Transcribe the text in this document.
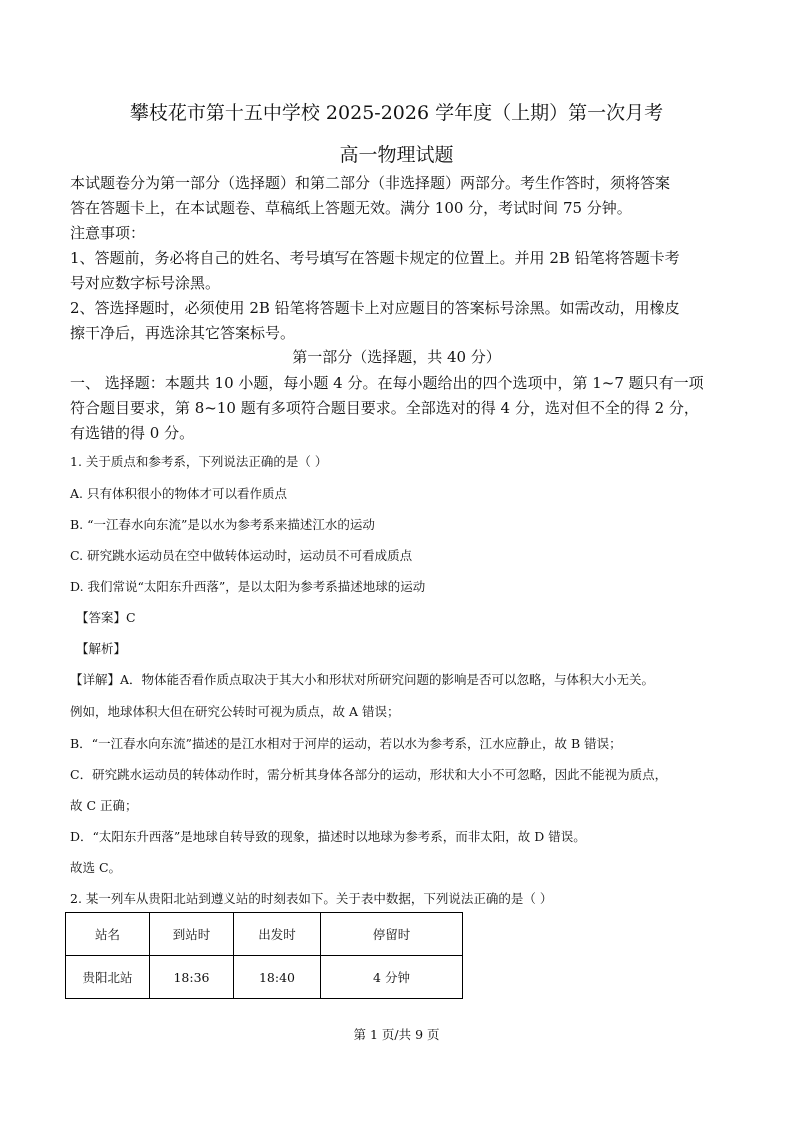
攀枝花市第十五中学校 2025-2026 学年度（上期）第一次月考
高一物理试题
本试题卷分为第一部分（选择题）和第二部分（非选择题）两部分。考生作答时，须将答案
答在答题卡上，在本试题卷、草稿纸上答题无效。满分 100 分，考试时间 75 分钟。
注意事项：
1、答题前，务必将自己的姓名、考号填写在答题卡规定的位置上。并用 2B 铅笔将答题卡考
号对应数字标号涂黑。
2、答选择题时，必须使用 2B 铅笔将答题卡上对应题目的答案标号涂黑。如需改动，用橡皮
擦干净后，再选涂其它答案标号。
第一部分（选择题，共 40 分）
一、 选择题：本题共 10 小题，每小题 4 分。在每小题给出的四个选项中，第 1~7 题只有一项
符合题目要求，第 8~10 题有多项符合题目要求。全部选对的得 4 分，选对但不全的得 2 分，
有选错的得 0 分。
1. 关于质点和参考系，下列说法正确的是（ ）
A. 只有体积很小的物体才可以看作质点
B. “一江春水向东流”是以水为参考系来描述江水的运动
C. 研究跳水运动员在空中做转体运动时，运动员不可看成质点
D. 我们常说“太阳东升西落”，是以太阳为参考系描述地球的运动
【答案】C
【解析】
【详解】A．物体能否看作质点取决于其大小和形状对所研究问题的影响是否可以忽略，与体积大小无关。
例如，地球体积大但在研究公转时可视为质点，故 A 错误；
B．“一江春水向东流”描述的是江水相对于河岸的运动，若以水为参考系，江水应静止，故 B 错误；
C．研究跳水运动员的转体动作时，需分析其身体各部分的运动，形状和大小不可忽略，因此不能视为质点，
故 C 正确；
D．“太阳东升西落”是地球自转导致的现象，描述时以地球为参考系，而非太阳，故 D 错误。
故选 C。
2. 某一列车从贵阳北站到遵义站的时刻表如下。关于表中数据，下列说法正确的是（ ）
站名	到站时	出发时	停留时
贵阳北站	18:36	18:40	4 分钟
第 1 页/共 9 页
